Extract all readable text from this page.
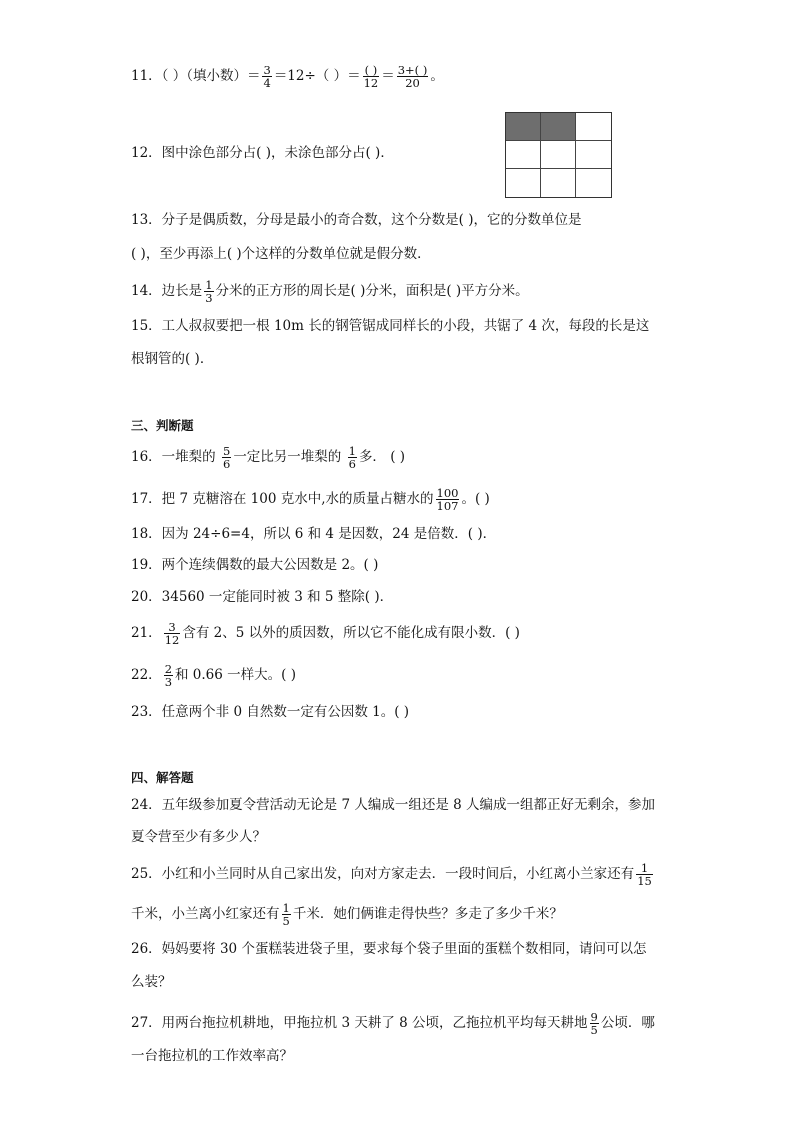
11．（ ）（填小数）＝ $\frac{3}{4} =12\div$（ ）＝ $\frac{( )}{12} = \frac{3+( )}{20}$ 。
12．图中涂色部分占( )，未涂色部分占( )．
13．分子是偶质数，分母是最小的奇合数，这个分数是( )，它的分数单位是
( )，至少再添上( )个这样的分数单位就是假分数．
14．边长是 $\frac{1}{3}$ 分米的正方形的周长是( )分米，面积是( )平方分米。
15．工人叔叔要把一根 10m 长的钢管锯成同样长的小段，共锯了 4 次，每段的长是这
根钢管的( )．
三、判断题
16．一堆梨的 $\frac{5}{6}$ 一定比另一堆梨的 $\frac{1}{6}$ 多． ( )
17．把 7 克糖溶在 100 克水中,水的质量占糖水的 $\frac{100}{107}$ 。( )
18．因为 24÷6=4，所以 6 和 4 是因数，24 是倍数．( )．
19．两个连续偶数的最大公因数是 2。( )
20．34560 一定能同时被 3 和 5 整除( )．
21． $\frac{3}{12}$ 含有 2、5 以外的质因数，所以它不能化成有限小数．( )
22． $\frac{2}{3}$ 和 0.66 一样大。( )
23．任意两个非 0 自然数一定有公因数 1。( )
四、解答题
24．五年级参加夏令营活动无论是 7 人编成一组还是 8 人编成一组都正好无剩余，参加
夏令营至少有多少人？
25．小红和小兰同时从自己家出发，向对方家走去．一段时间后，小红离小兰家还有 $\frac{1}{15}$
千米，小兰离小红家还有 $\frac{1}{5}$ 千米．她们俩谁走得快些？多走了多少千米？
26．妈妈要将 30 个蛋糕装进袋子里，要求每个袋子里面的蛋糕个数相同，请问可以怎
么装？
27．用两台拖拉机耕地，甲拖拉机 3 天耕了 8 公顷，乙拖拉机平均每天耕地 $\frac{9}{5}$ 公顷．哪
一台拖拉机的工作效率高？
